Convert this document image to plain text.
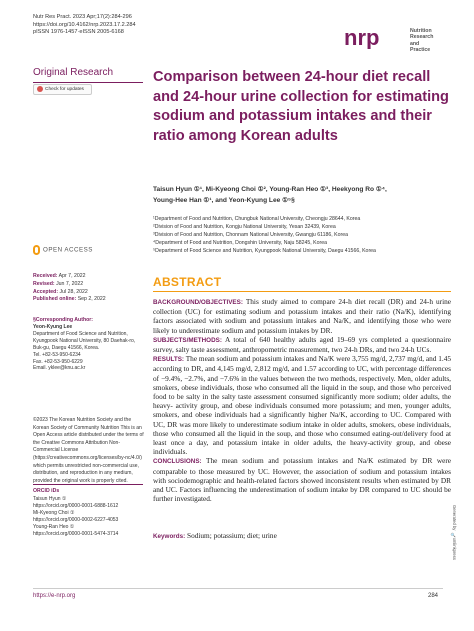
Nutr Res Pract. 2023 Apr;17(2):284-296
https://doi.org/10.4162/nrp.2023.17.2.284
pISSN 1976-1457·eISSN 2005-6168	nrp	Nutrition
Research and
Practice
Original Research
Check for updates
OPEN ACCESS
Received: Apr 7, 2022
Revised: Jun 7, 2022
Accepted: Jul 28, 2022
Published online: Sep 2, 2022
§Corresponding Author:
Yeon-Kyung Lee
Department of Food Science and Nutrition,
Kyungpook National University, 80 Daehak-ro,
Buk-gu, Daegu 41566, Korea.
Tel. +82-53-950-6234
Fax. +82-53-950-6229
Email. yklee@knu.ac.kr
©2023 The Korean Nutrition Society and the Korean Society of Community Nutrition This is an Open Access article distributed under the terms of the Creative Commons Attribution Non-Commercial License (https://creativecommons.org/licenses/by-nc/4.0/) which permits unrestricted non-commercial use, distribution, and reproduction in any medium, provided the original work is properly cited.
ORCID iDs
Taisun Hyun ①
https://orcid.org/0000-0001-6888-1612
Mi-Kyeong Choi ①
https://orcid.org/0000-0002-6227-4053
Young-Ran Heo ①
https://orcid.org/0000-0001-5474-3714
Comparison between 24-hour diet recall and 24-hour urine collection for estimating sodium and potassium intakes and their ratio among Korean adults
Taisun Hyun ①¹, Mi-Kyeong Choi ①², Young-Ran Heo ①³, Heekyong Ro ①⁴,
Young-Hee Han ①¹, and Yeon-Kyung Lee ①⁵§
¹Department of Food and Nutrition, Chungbuk National University, Cheongju 28644, Korea
²Division of Food and Nutrition, Kongju National University, Yesan 32439, Korea
³Division of Food and Nutrition, Chonnam National University, Gwangju 61186, Korea
⁴Department of Food and Nutrition, Dongshin University, Naju 58245, Korea
⁵Department of Food Science and Nutrition, Kyungpook National University, Daegu 41566, Korea
ABSTRACT
BACKGROUND/OBJECTIVES: This study aimed to compare 24-h diet recall (DR) and 24-h urine collection (UC) for estimating sodium and potassium intakes and their ratio (Na/K), identifying factors associated with sodium and potassium intakes and Na/K, and identifying those who were likely to underestimate sodium and potassium intakes by DR.
SUBJECTS/METHODS: A total of 640 healthy adults aged 19–69 yrs completed a questionnaire survey, salty taste assessment, anthropometric measurement, two 24-h DRs, and two 24-h UCs.
RESULTS: The mean sodium and potassium intakes and Na/K were 3,755 mg/d, 2,737 mg/d, and 1.45 according to DR, and 4,145 mg/d, 2,812 mg/d, and 1.57 according to UC, with percentage differences of −9.4%, −2.7%, and −7.6% in the values between the two methods, respectively. Men, older adults, smokers, obese individuals, those who consumed all the liquid in the soup, and those who perceived food to be salty in the salty taste assessment consumed significantly more sodium; older adults, the heavy- activity group, and obese individuals consumed more potassium; and men, younger adults, smokers, and obese individuals had a significantly higher Na/K, according to UC. Compared with UC, DR was more likely to underestimate sodium intake in older adults, smokers, obese individuals, those who consumed all the liquid in the soup, and those who consumed eating-out/delivery food at least once a day, and potassium intake in older adults, the heavy-activity group, and obese individuals.
CONCLUSIONS: The mean sodium and potassium intakes and Na/K estimated by DR were comparable to those measured by UC. However, the association of sodium and potassium intakes with sociodemographic and health-related factors showed inconsistent results when estimated by DR and UC. Factors influencing the underestimation of sodium intake by DR compared to UC should be further investigated.
Keywords: Sodium; potassium; diet; urine	Generated by 🔍 xmlinkpress
https://e-nrp.org	284
